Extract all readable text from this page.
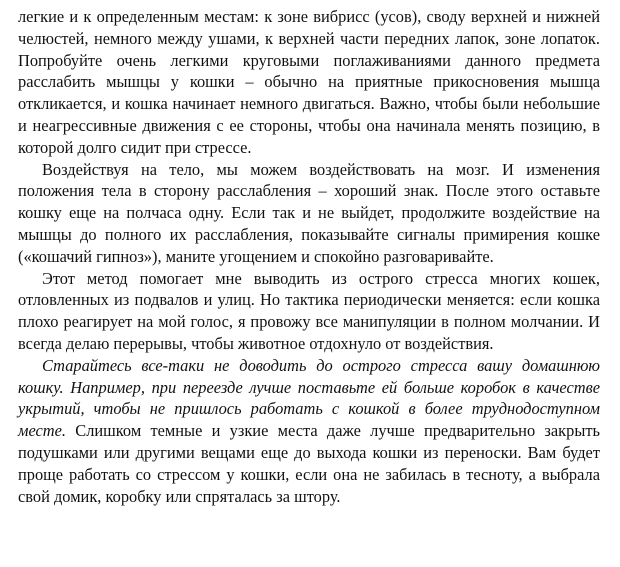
легкие и к определенным местам: к зоне вибрисс (усов), своду верхней и нижней челюстей, немного между ушами, к верхней части передних лапок, зоне лопаток. Попробуйте очень легкими круговыми поглаживаниями данного предмета расслабить мышцы у кошки – обычно на приятные прикосновения мышца откликается, и кошка начинает немного двигаться. Важно, чтобы были небольшие и неагрессивные движения с ее стороны, чтобы она начинала менять позицию, в которой долго сидит при стрессе.

Воздействуя на тело, мы можем воздействовать на мозг. И изменения положения тела в сторону расслабления – хороший знак. После этого оставьте кошку еще на полчаса одну. Если так и не выйдет, продолжите воздействие на мышцы до полного их расслабления, показывайте сигналы примирения кошке («кошачий гипноз»), маните угощением и спокойно разговаривайте.

Этот метод помогает мне выводить из острого стресса многих кошек, отловленных из подвалов и улиц. Но тактика периодически меняется: если кошка плохо реагирует на мой голос, я провожу все манипуляции в полном молчании. И всегда делаю перерывы, чтобы животное отдохнуло от воздействия.

Старайтесь все-таки не доводить до острого стресса вашу домашнюю кошку. Например, при переезде лучше поставьте ей больше коробок в качестве укрытий, чтобы не пришлось работать с кошкой в более труднодоступном месте. Слишком темные и узкие места даже лучше предварительно закрыть подушками или другими вещами еще до выхода кошки из переноски. Вам будет проще работать со стрессом у кошки, если она не забилась в тесноту, а выбрала свой домик, коробку или спряталась за штору.
